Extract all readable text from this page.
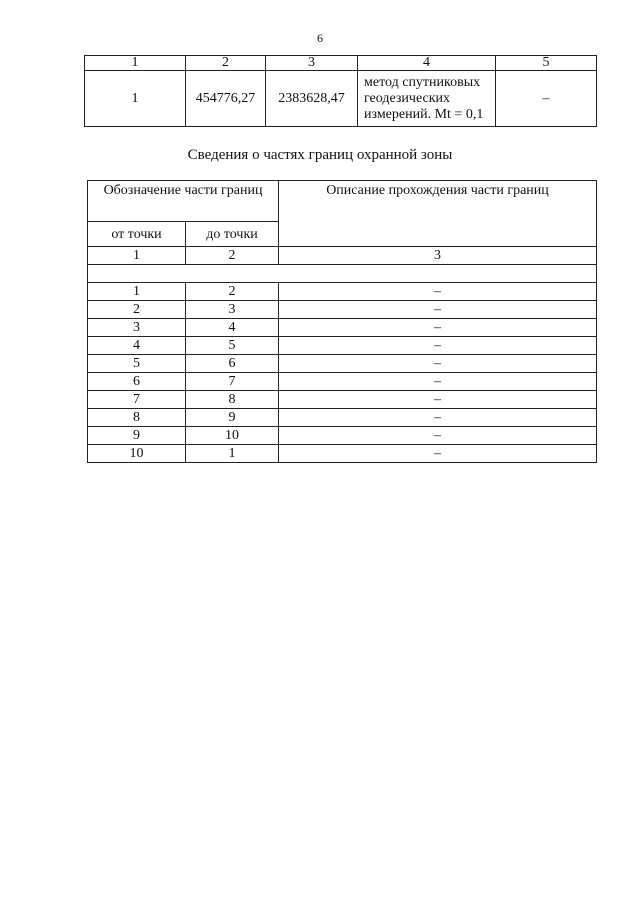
6
1	2	3	4	5
1	454776,27	2383628,47	метод спутниковых геодезических измерений. Mt = 0,1	–
Сведения о частях границ охранной зоны
Обозначение части границ		Описание прохождения части границ
от точки	до точки	
1	2	3

1	2	–
2	3	–
3	4	–
4	5	–
5	6	–
6	7	–
7	8	–
8	9	–
9	10	–
10	1	–
